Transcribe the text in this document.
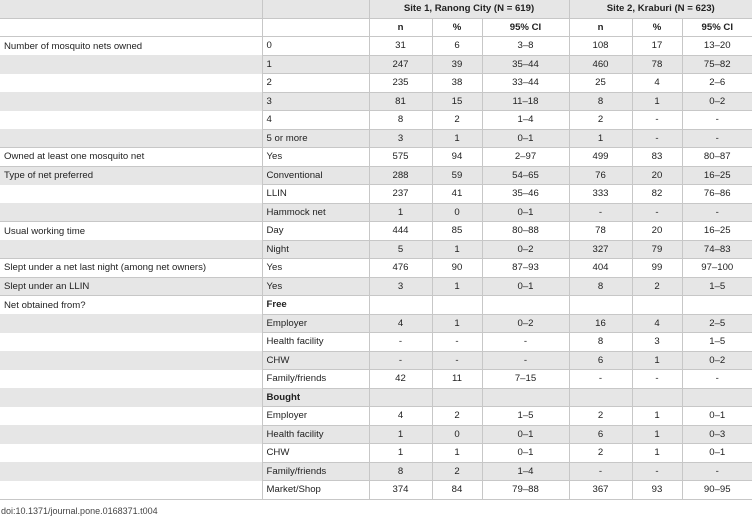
		Site 1, Ranong City (N = 619)			Site 2, Kraburi (N = 623)		
		n	%	95% CI	n	%	95% CI
Number of mosquito nets owned	0	31	6	3–8	108	17	13–20
	1	247	39	35–44	460	78	75–82
	2	235	38	33–44	25	4	2–6
	3	81	15	11–18	8	1	0–2
	4	8	2	1–4	2	-	-
	5 or more	3	1	0–1	1	-	-
Owned at least one mosquito net	Yes	575	94	2–97	499	83	80–87
Type of net preferred	Conventional	288	59	54–65	76	20	16–25
	LLIN	237	41	35–46	333	82	76–86
	Hammock net	1	0	0–1	-	-	-
Usual working time	Day	444	85	80–88	78	20	16–25
	Night	5	1	0–2	327	79	74–83
Slept under a net last night (among net owners)	Yes	476	90	87–93	404	99	97–100
Slept under an LLIN	Yes	3	1	0–1	8	2	1–5
Net obtained from?	Free						
	Employer	4	1	0–2	16	4	2–5
	Health facility	-	-	-	8	3	1–5
	CHW	-	-	-	6	1	0–2
	Family/friends	42	11	7–15	-	-	-
	Bought						
	Employer	4	2	1–5	2	1	0–1
	Health facility	1	0	0–1	6	1	0–3
	CHW	1	1	0–1	2	1	0–1
	Family/friends	8	2	1–4	-	-	-
	Market/Shop	374	84	79–88	367	93	90–95
doi:10.1371/journal.pone.0168371.t004
